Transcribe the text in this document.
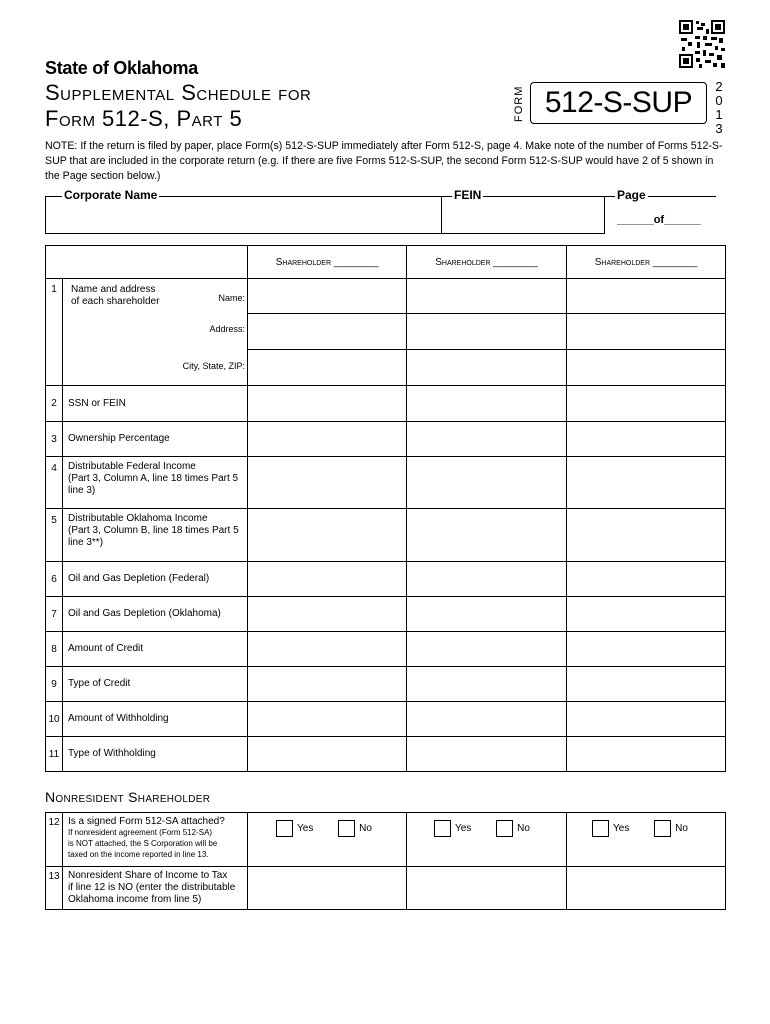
State of Oklahoma
Supplemental Schedule for
Form 512-S, Part 5	FORM 512-S-SUP	2
0
1
3
NOTE: If the return is filed by paper, place Form(s) 512-S-SUP immediately after Form 512-S, page 4. Make note of the number of Forms 512-S-SUP that are included in the corporate return (e.g. If there are five Forms 512-S-SUP, the second Form 512-S-SUP would have 2 of 5 shown in the Page section below.)
Corporate Name	FEIN	Page
______of______
		Shareholder ________	Shareholder ________	Shareholder ________
1	Name and address
of each shareholder Name:
Address:
City, State, ZIP:			

2	SSN or FEIN			
3	Ownership Percentage			
4	Distributable Federal Income
(Part 3, Column A, line 18 times Part 5
line 3)			

5	Distributable Oklahoma Income
(Part 3, Column B, line 18 times Part 5
line 3**)			

6	Oil and Gas Depletion (Federal)			
7	Oil and Gas Depletion (Oklahoma)			
8	Amount of Credit			
9	Type of Credit			
10	Amount of Withholding			
11	Type of Withholding			
Nonresident Shareholder
12	Is a signed Form 512-SA attached?
If nonresident agreement (Form 512-SA)
is NOT attached, the S Corporation will be
taxed on the income reported in line 13.	Yes No	Yes No	Yes No
13	Nonresident Share of Income to Tax
if line 12 is NO (enter the distributable
Oklahoma income from line 5)			
